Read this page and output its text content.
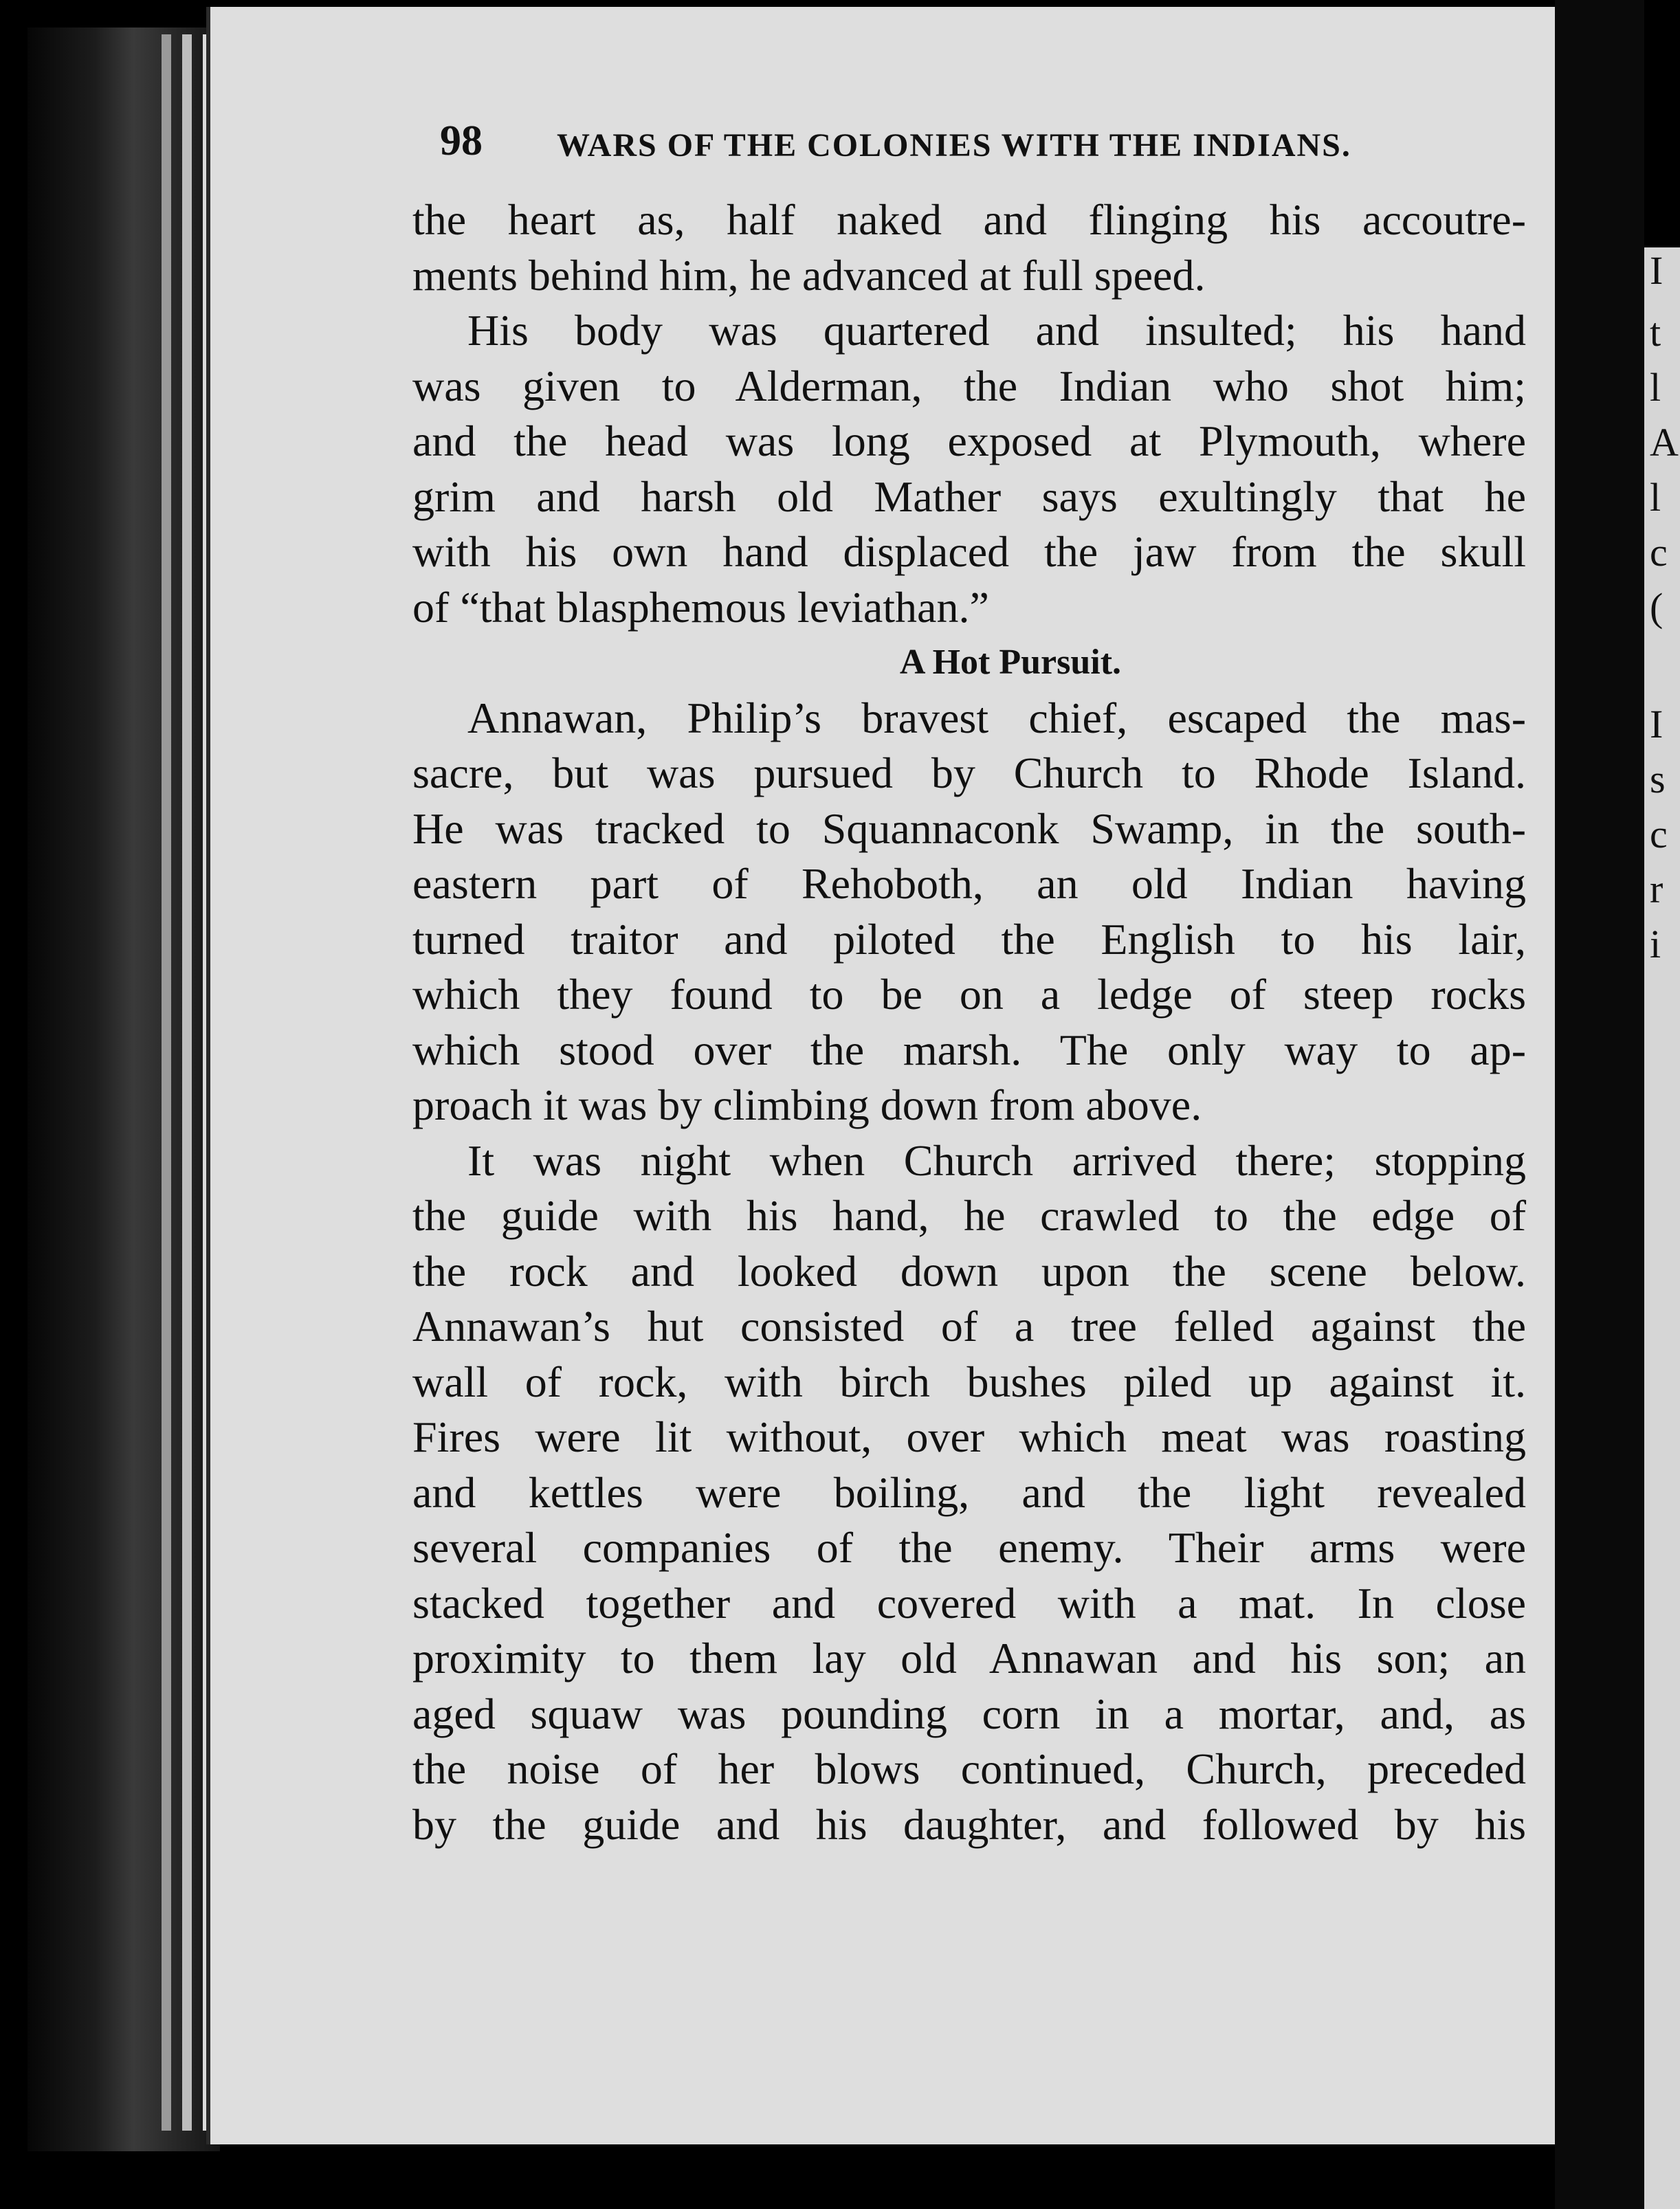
I
t
l
A
l
c
(
I
s
c
r
i
98 WARS OF THE COLONIES WITH THE INDIANS.
the heart as, half naked and flinging his accoutre-
ments behind him, he advanced at full speed.
His body was quartered and insulted; his hand
was given to Alderman, the Indian who shot him;
and the head was long exposed at Plymouth, where
grim and harsh old Mather says exultingly that he
with his own hand displaced the jaw from the skull
of “that blasphemous leviathan.”
A Hot Pursuit.
Annawan, Philip’s bravest chief, escaped the mas-
sacre, but was pursued by Church to Rhode Island.
He was tracked to Squannaconk Swamp, in the south-
eastern part of Rehoboth, an old Indian having
turned traitor and piloted the English to his lair,
which they found to be on a ledge of steep rocks
which stood over the marsh. The only way to ap-
proach it was by climbing down from above.
It was night when Church arrived there; stopping
the guide with his hand, he crawled to the edge of
the rock and looked down upon the scene below.
Annawan’s hut consisted of a tree felled against the
wall of rock, with birch bushes piled up against it.
Fires were lit without, over which meat was roasting
and kettles were boiling, and the light revealed
several companies of the enemy. Their arms were
stacked together and covered with a mat. In close
proximity to them lay old Annawan and his son; an
aged squaw was pounding corn in a mortar, and, as
the noise of her blows continued, Church, preceded
by the guide and his daughter, and followed by his
